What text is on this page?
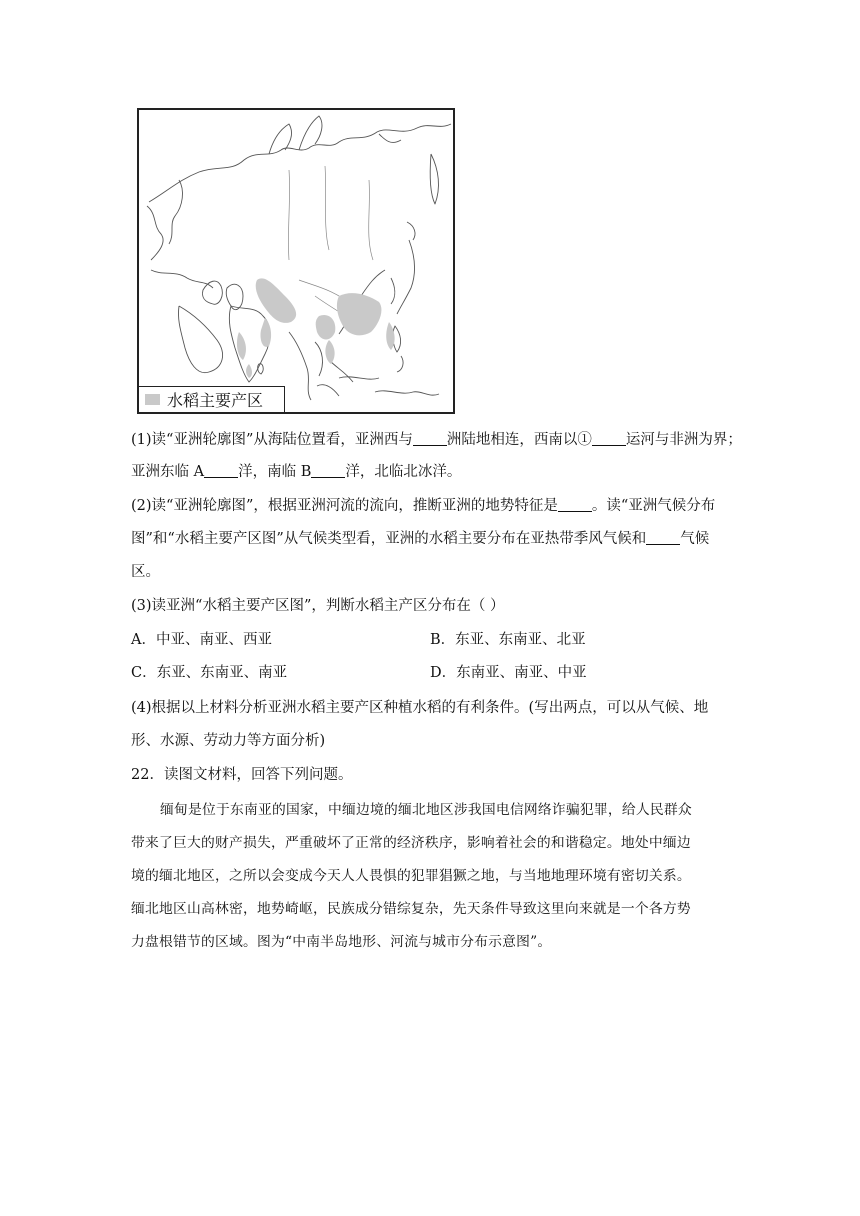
水稻主要产区
(1)读“亚洲轮廓图”从海陆位置看，亚洲西与 洲陆地相连，西南以① 运河与非洲为界；
亚洲东临 A 洋，南临 B 洋，北临北冰洋。
(2)读“亚洲轮廓图”，根据亚洲河流的流向，推断亚洲的地势特征是 。读“亚洲气候分布
图”和“水稻主要产区图”从气候类型看，亚洲的水稻主要分布在亚热带季风气候和 气候
区。
(3)读亚洲“水稻主要产区图”，判断水稻主产区分布在（ ）
A．中亚、南亚、西亚	B．东亚、东南亚、北亚
C．东亚、东南亚、南亚	D．东南亚、南亚、中亚
(4)根据以上材料分析亚洲水稻主要产区种植水稻的有利条件。(写出两点，可以从气候、地
形、水源、劳动力等方面分析)
22．读图文材料，回答下列问题。
缅甸是位于东南亚的国家，中缅边境的缅北地区涉我国电信网络诈骗犯罪，给人民群众
带来了巨大的财产损失，严重破坏了正常的经济秩序，影响着社会的和谐稳定。地处中缅边
境的缅北地区，之所以会变成今天人人畏惧的犯罪猖獗之地，与当地地理环境有密切关系。
缅北地区山高林密，地势崎岖，民族成分错综复杂，先天条件导致这里向来就是一个各方势
力盘根错节的区域。图为“中南半岛地形、河流与城市分布示意图”。
